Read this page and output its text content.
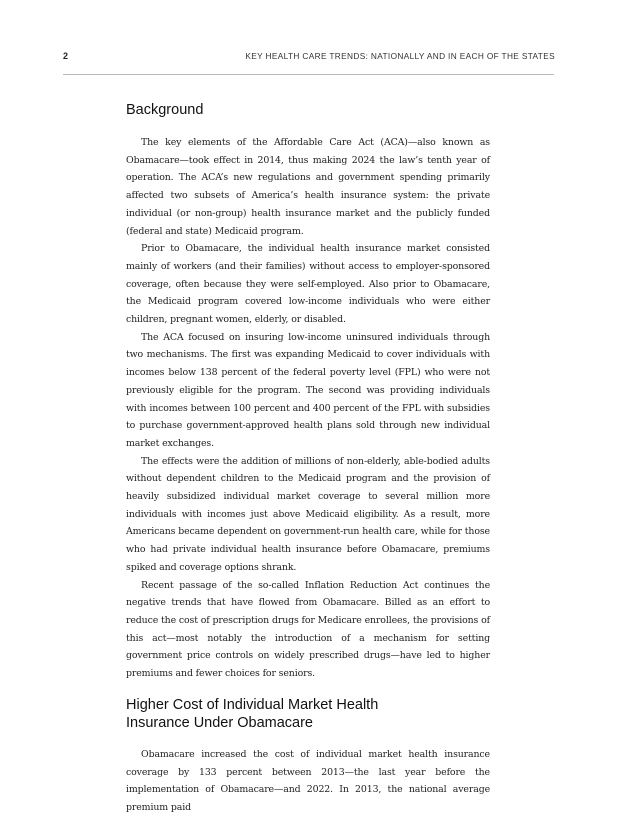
2	KEY HEALTH CARE TRENDS: NATIONALLY AND IN EACH OF THE STATES
Background

The key elements of the Affordable Care Act (ACA)—also known as Obamacare—took effect in 2014, thus making 2024 the law’s tenth year of operation. The ACA’s new regulations and government spending primarily affected two subsets of America’s health insurance system: the private individual (or non-group) health insurance market and the publicly funded (federal and state) Medicaid program.

Prior to Obamacare, the individual health insurance market consisted mainly of workers (and their families) without access to employer-sponsored coverage, often because they were self-employed. Also prior to Obamacare, the Medicaid program covered low-income individuals who were either children, pregnant women, elderly, or disabled.

The ACA focused on insuring low-income uninsured individuals through two mechanisms. The first was expanding Medicaid to cover individuals with incomes below 138 percent of the federal poverty level (FPL) who were not previously eligible for the program. The second was providing individuals with incomes between 100 percent and 400 percent of the FPL with subsidies to purchase government-approved health plans sold through new individual market exchanges.

The effects were the addition of millions of non-elderly, able-bodied adults without dependent children to the Medicaid program and the provision of heavily subsidized individual market coverage to several million more individuals with incomes just above Medicaid eligibility. As a result, more Americans became dependent on government-run health care, while for those who had private individual health insurance before Obamacare, premiums spiked and coverage options shrank.

Recent passage of the so-called Inflation Reduction Act continues the negative trends that have flowed from Obamacare. Billed as an effort to reduce the cost of prescription drugs for Medicare enrollees, the provisions of this act—most notably the introduction of a mechanism for setting government price controls on widely prescribed drugs—have led to higher premiums and fewer choices for seniors.

Higher Cost of Individual Market Health
Insurance Under Obamacare

Obamacare increased the cost of individual market health insurance coverage by 133 percent between 2013—the last year before the implementation of Obamacare—and 2022. In 2013, the national average premium paid
